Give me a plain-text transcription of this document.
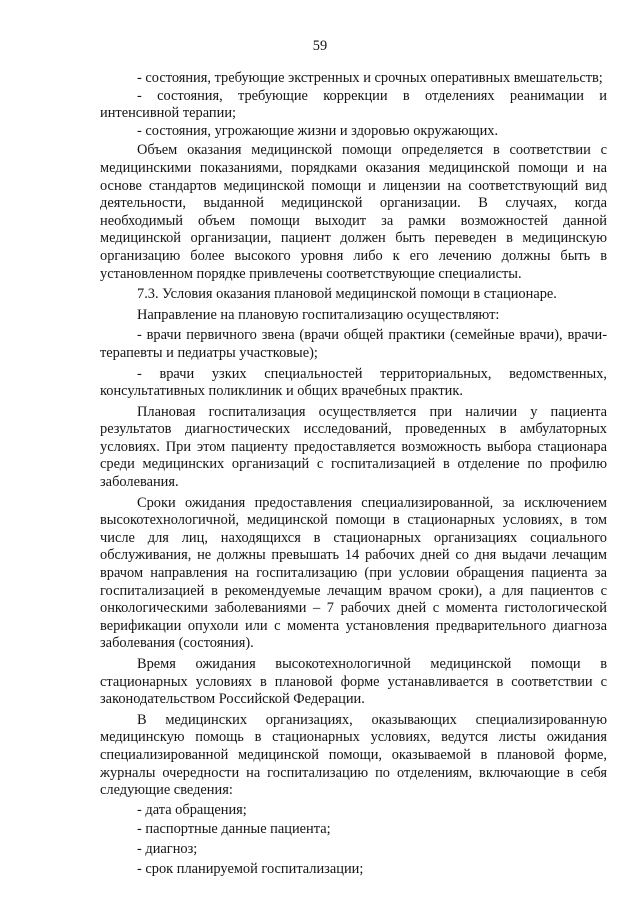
59

- состояния, требующие экстренных и срочных оперативных вмешательств;

- состояния, требующие коррекции в отделениях реанимации и интенсивной терапии;

- состояния, угрожающие жизни и здоровью окружающих.

Объем оказания медицинской помощи определяется в соответствии с медицинскими показаниями, порядками оказания медицинской помощи и на основе стандартов медицинской помощи и лицензии на соответствующий вид деятельности, выданной медицинской организации. В случаях, когда необходимый объем помощи выходит за рамки возможностей данной медицинской организации, пациент должен быть переведен в медицинскую организацию более высокого уровня либо к его лечению должны быть в установленном порядке привлечены соответствующие специалисты.

7.3. Условия оказания плановой медицинской помощи в стационаре.

Направление на плановую госпитализацию осуществляют:

- врачи первичного звена (врачи общей практики (семейные врачи), врачи-терапевты и педиатры участковые);

- врачи узких специальностей территориальных, ведомственных, консультативных поликлиник и общих врачебных практик.

Плановая госпитализация осуществляется при наличии у пациента результатов диагностических исследований, проведенных в амбулаторных условиях. При этом пациенту предоставляется возможность выбора стационара среди медицинских организаций с госпитализацией в отделение по профилю заболевания.

Сроки ожидания предоставления специализированной, за исключением высокотехнологичной, медицинской помощи в стационарных условиях, в том числе для лиц, находящихся в стационарных организациях социального обслуживания, не должны превышать 14 рабочих дней со дня выдачи лечащим врачом направления на госпитализацию (при условии обращения пациента за госпитализацией в рекомендуемые лечащим врачом сроки), а для пациентов с онкологическими заболеваниями – 7 рабочих дней с момента гистологической верификации опухоли или с момента установления предварительного диагноза заболевания (состояния).

Время ожидания высокотехнологичной медицинской помощи в стационарных условиях в плановой форме устанавливается в соответствии с законодательством Российской Федерации.

В медицинских организациях, оказывающих специализированную медицинскую помощь в стационарных условиях, ведутся листы ожидания специализированной медицинской помощи, оказываемой в плановой форме, журналы очередности на госпитализацию по отделениям, включающие в себя следующие сведения:

- дата обращения;

- паспортные данные пациента;

- диагноз;

- срок планируемой госпитализации;
